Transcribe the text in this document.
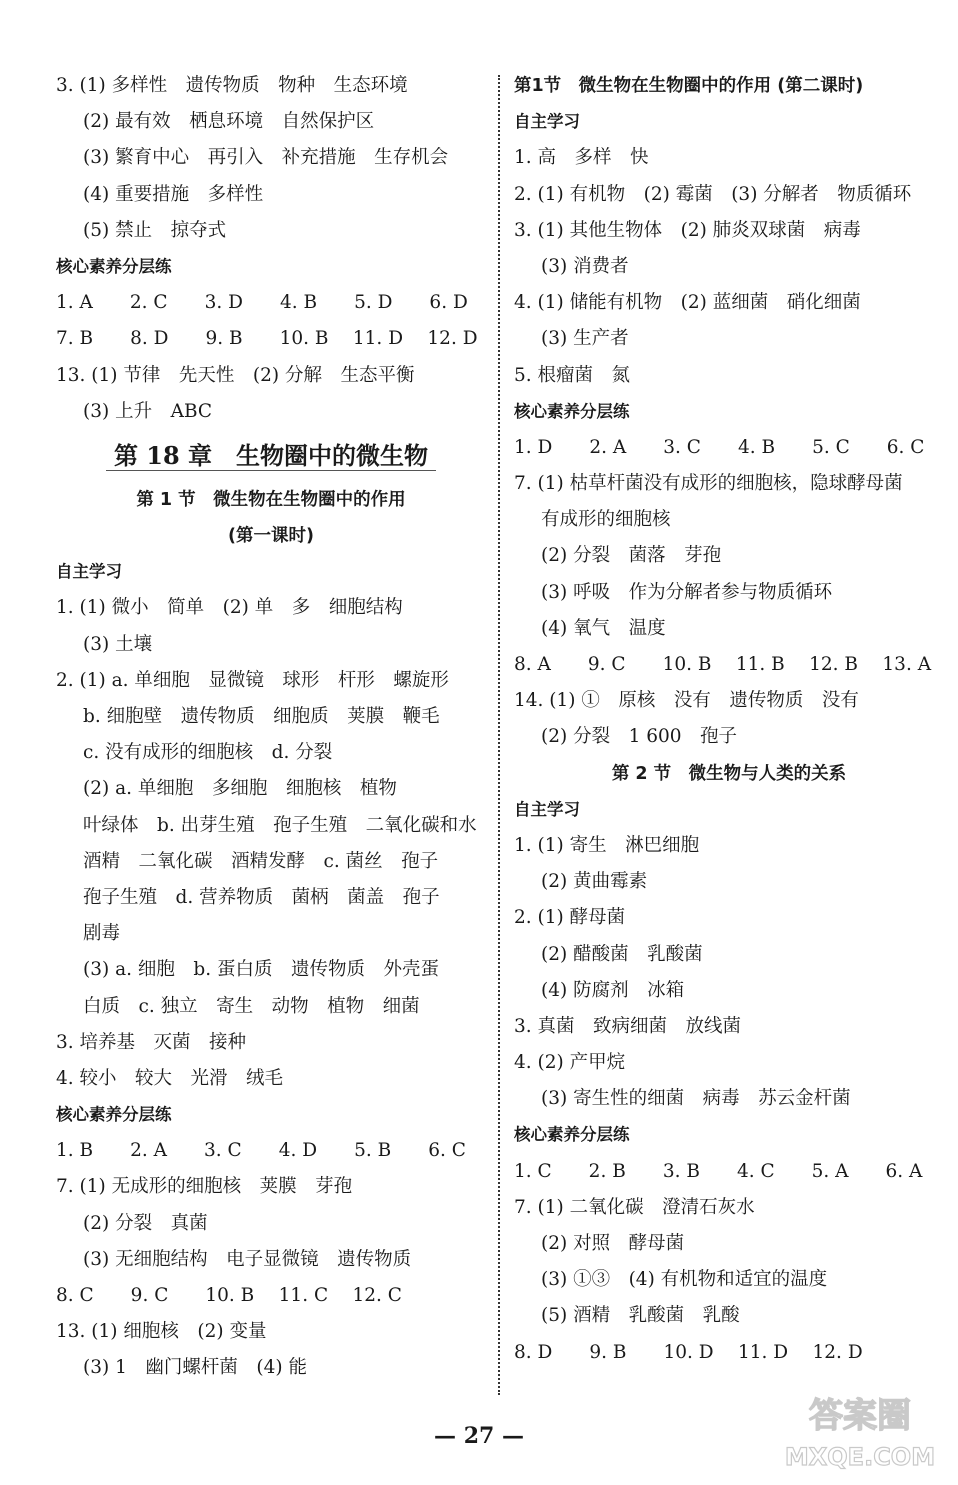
3. (1) 多样性　遗传物质　物种　生态环境
(2) 最有效　栖息环境　自然保护区
(3) 繁育中心　再引入　补充措施　生存机会
(4) 重要措施　多样性
(5) 禁止　掠夺式
核心素养分层练
1. A　　2. C　　3. D　　4. B　　5. D　　6. D
7. B　　8. D　　9. B　　10. B　 11. D　 12. D
13. (1) 节律　先天性　(2) 分解　生态平衡
(3) 上升　ABC
第 18 章　生物圈中的微生物
第 1 节　微生物在生物圈中的作用
(第一课时)
自主学习
1. (1) 微小　简单　(2) 单　多　细胞结构
(3) 土壤
2. (1) a. 单细胞　显微镜　球形　杆形　螺旋形
b. 细胞壁　遗传物质　细胞质　荚膜　鞭毛
c. 没有成形的细胞核　d. 分裂
(2) a. 单细胞　多细胞　细胞核　植物
叶绿体　b. 出芽生殖　孢子生殖　二氧化碳和水
酒精　二氧化碳　酒精发酵　c. 菌丝　孢子
孢子生殖　d. 营养物质　菌柄　菌盖　孢子
剧毒
(3) a. 细胞　b. 蛋白质　遗传物质　外壳蛋
白质　c. 独立　寄生　动物　植物　细菌
3. 培养基　灭菌　接种
4. 较小　较大　光滑　绒毛
核心素养分层练
1. B　　2. A　　3. C　　4. D　　5. B　　6. C
7. (1) 无成形的细胞核　荚膜　芽孢
(2) 分裂　真菌
(3) 无细胞结构　电子显微镜　遗传物质
8. C　　9. C　　10. B　 11. C　 12. C
13. (1) 细胞核　(2) 变量
(3) 1　幽门螺杆菌　(4) 能
第1节　微生物在生物圈中的作用 (第二课时)
自主学习
1. 高　多样　快
2. (1) 有机物　(2) 霉菌　(3) 分解者　物质循环
3. (1) 其他生物体　(2) 肺炎双球菌　病毒
(3) 消费者
4. (1) 储能有机物　(2) 蓝细菌　硝化细菌
(3) 生产者
5. 根瘤菌　氮
核心素养分层练
1. D　　2. A　　3. C　　4. B　　5. C　　6. C
7. (1) 枯草杆菌没有成形的细胞核，隐球酵母菌
有成形的细胞核
(2) 分裂　菌落　芽孢
(3) 呼吸　作为分解者参与物质循环
(4) 氧气　温度
8. A　　9. C　　10. B　 11. B　 12. B　 13. A
14. (1) ①　原核　没有　遗传物质　没有
(2) 分裂　1 600　孢子
第 2 节　微生物与人类的关系
自主学习
1. (1) 寄生　淋巴细胞
(2) 黄曲霉素
2. (1) 酵母菌
(2) 醋酸菌　乳酸菌
(4) 防腐剂　冰箱
3. 真菌　致病细菌　放线菌
4. (2) 产甲烷
(3) 寄生性的细菌　病毒　苏云金杆菌
核心素养分层练
1. C　　2. B　　3. B　　4. C　　5. A　　6. A
7. (1) 二氧化碳　澄清石灰水
(2) 对照　酵母菌
(3) ①③　(4) 有机物和适宜的温度
(5) 酒精　乳酸菌　乳酸
8. D　　9. B　　10. D　 11. D　 12. D
— 27 —	答案圈
MXQE.COM
